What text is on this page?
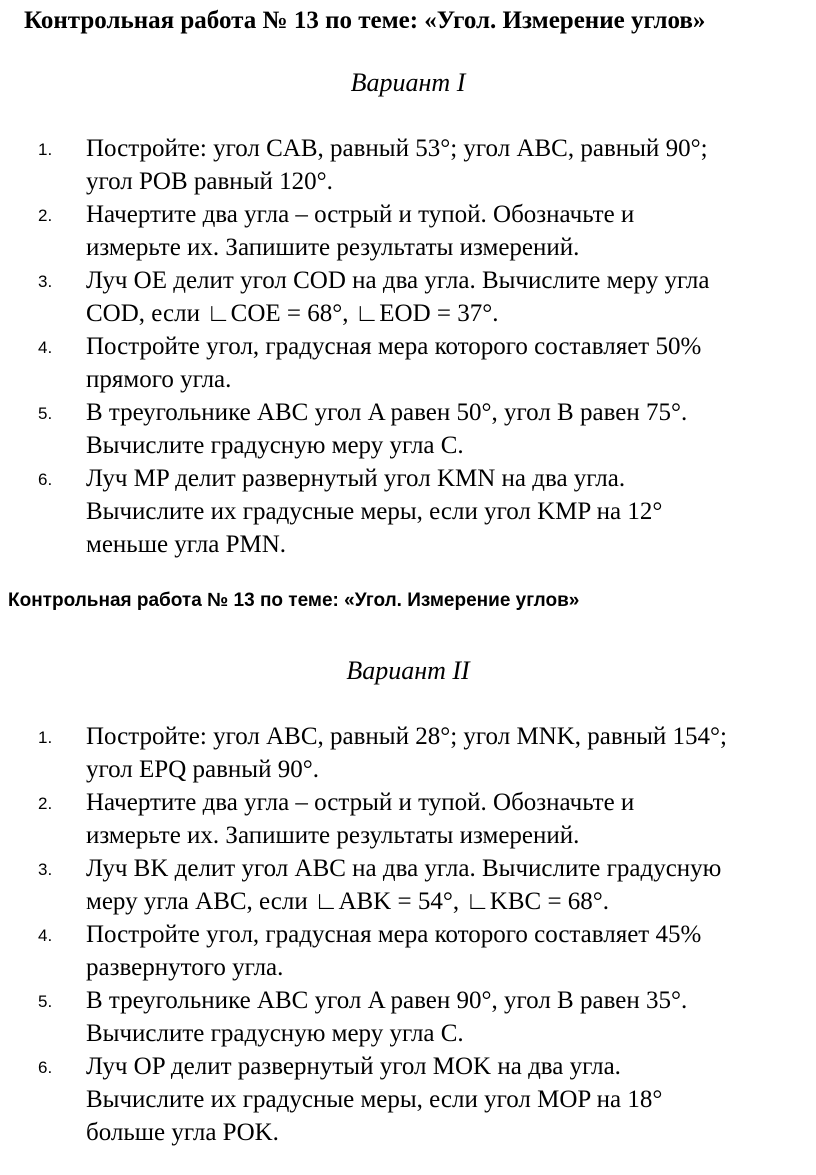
Контрольная работа № 13 по теме: «Угол. Измерение углов»
Вариант I
1. Постройте: угол CAB, равный 53°; угол ABC, равный 90°;
угол POB равный 120°.
2. Начертите два угла – острый и тупой. Обозначьте и
измерьте их. Запишите результаты измерений.
3. Луч OE делит угол COD на два угла. Вычислите меру угла
COD, если ∟COE = 68°, ∟EOD = 37°.
4. Постройте угол, градусная мера которого составляет 50%
прямого угла.
5. В треугольнике ABC угол A равен 50°, угол B равен 75°.
Вычислите градусную меру угла C.
6. Луч MP делит развернутый угол KMN на два угла.
Вычислите их градусные меры, если угол KMP на 12°
меньше угла PMN.
Контрольная работа № 13 по теме: «Угол. Измерение углов»
Вариант II
1. Постройте: угол ABC, равный 28°; угол MNK, равный 154°;
угол EPQ равный 90°.
2. Начертите два угла – острый и тупой. Обозначьте и
измерьте их. Запишите результаты измерений.
3. Луч BK делит угол ABC на два угла. Вычислите градусную
меру угла ABC, если ∟ABK = 54°, ∟KBC = 68°.
4. Постройте угол, градусная мера которого составляет 45%
развернутого угла.
5. В треугольнике ABC угол A равен 90°, угол B равен 35°.
Вычислите градусную меру угла C.
6. Луч OP делит развернутый угол MOK на два угла.
Вычислите их градусные меры, если угол MOP на 18°
больше угла POK.
